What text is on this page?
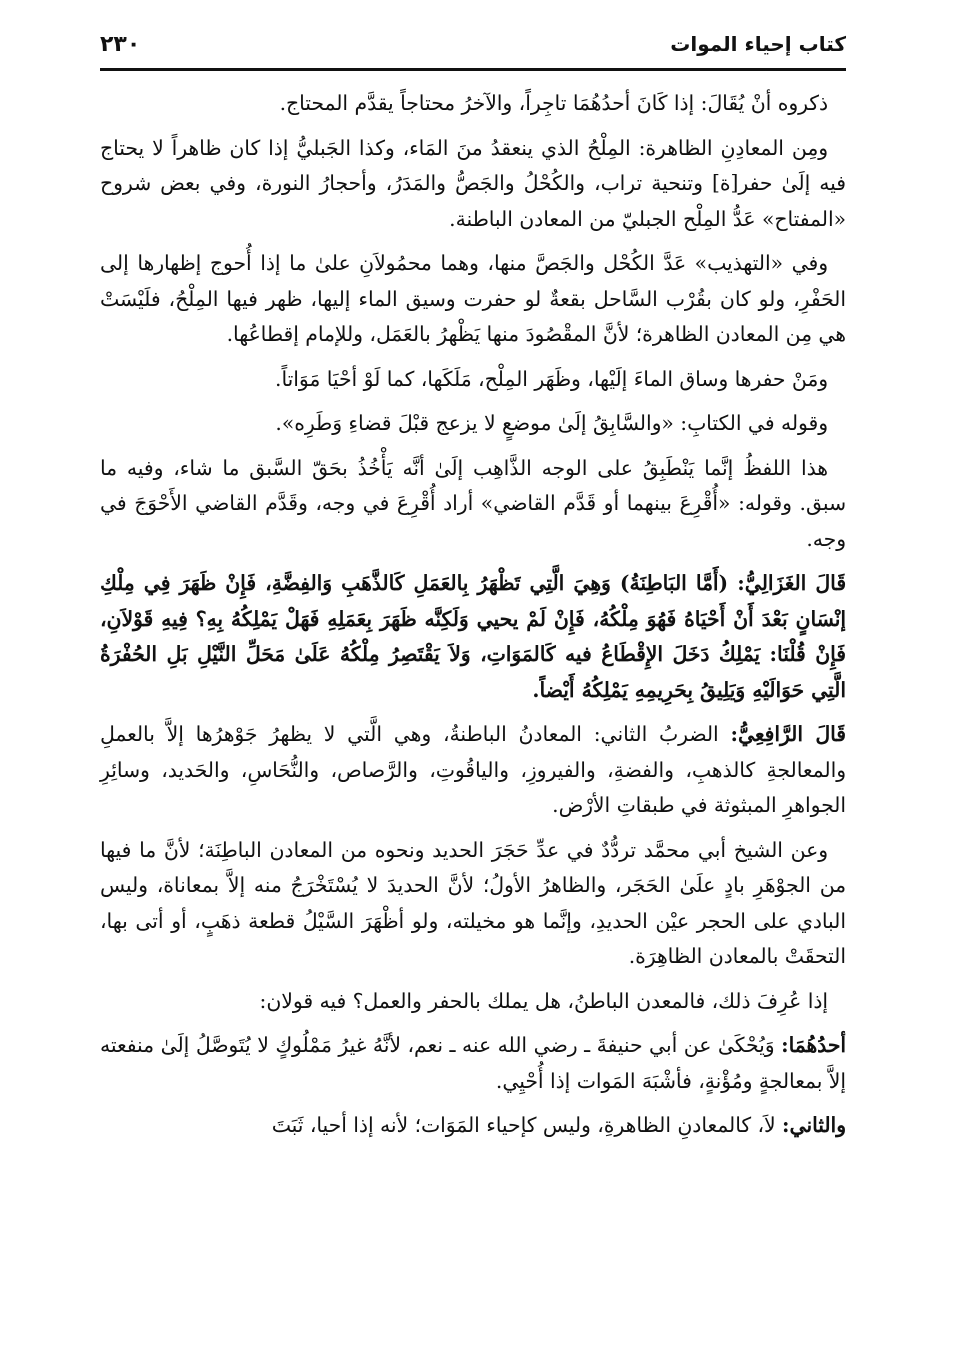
كتاب إحياء الموات
٢٣٠

ذكروه أنْ يُقَالَ: إذا كَانَ أحدُهُمَا تاجِراً، والآخرُ محتاجاً يقدَّم المحتاج.

ومِن المعادِنِ الظاهرة: المِلْحُ الذي ينعقدُ منَ المَاء، وكذا الجَبليُّ إذا كان ظاهراً لا يحتاج فيه إلَىٰ حفر[ة] وتنحية تراب، والكُحْلُ والجَصُّ والمَدَرُ، وأحجارُ النورة، وفي بعض شروح «المفتاح» عَدُّ المِلْح الجبليّ من المعادن الباطنة.

وفي «التهذيب» عَدَّ الكُحْل والجَصَّ منها، وهما محمُولاَنِ علىٰ ما إذا أُحوج إظهارها إلى الحَفْرِ، ولو كان بقُرْب السَّاحل بقعةٌ لو حفرت وسيق الماء إليها، ظهر فيها المِلْحُ، فلَيْسَتْ هي مِن المعادن الظاهرة؛ لأنَّ المقْصُودَ منها يَظْهرُ بالعَمَل، وللإمام إقطاعُها.

ومَنْ حفرها وساق الماءَ إلَيْها، وظَهَر المِلْح، مَلَكَها، كما لَوْ أحْيَا مَوَاتاً.

وقوله في الكتابِ: «والسَّابِقُ إلَىٰ موضعٍ لا يزعج قبْلَ قضاءِ وَطَرِه».

هذا اللفظُ إنَّما يَنْطَبِقُ على الوجه الذَّاهِب إلَىٰ أنَّه يَأْخُذُ بحَقّ السَّبق ما شاء، وفيه ما سبق. وقوله: «أُقْرِعَ بينهما أو قَدَّم القاضي» أراد أُقْرِعَ في وجه، وقَدَّم القاضي الأَحْوَجَ في وجه.

قَالَ الغَزَالِيُّ: (أَمَّا البَاطِنَةُ) وَهِيَ الَّتِي تَظْهَرُ بِالعَمَلِ كَالذَّهَبِ وَالفِضَّةِ، فَإِنْ ظَهَرَ فِي مِلْكِ إنْسَانٍ بَعْدَ أَنْ أَحْيَاهُ فَهُوَ مِلْكُهُ، فَإِنْ لَمْ يحيي وَلَكِنَّه ظَهَرَ بِعَمَلِهِ فَهَلْ يَمْلِكُهُ بِهِ؟ فِيهِ قَوْلاَنِ، فَإِنْ قُلْنَا: يَمْلِكُ دَخَلَ الإِقْطَاعُ فيه كَالمَوَاتِ، وَلاَ يَقْتَصِرُ مِلْكُهُ عَلَىٰ مَحَلِّ النَّيْلِ بَلِ الحُفْرَةُ الَّتِي حَوَالَيْهِ وَيَلِيقُ بِحَرِيمِهِ يَمْلِكُهُ أَيْضاً.

قَالَ الرَّافِعِيُّ: الضربُ الثاني: المعادنُ الباطنةُ، وهي الَّتي لا يظهرُ جَوْهرُها إلاَّ بالعملِ والمعالجةِ كالذهبِ، والفضةِ، والفيروزِ، والياقُوتِ، والرَّصاص، والنُّحَاسِ، والحَديد، وسائِرِ الجواهرِ المبثوثة في طبقاتِ الأرْض.

وعن الشيخ أبي محمَّد تردُّدٌ في عدِّ حَجَرَ الحديد ونحوه من المعادن الباطِنَة؛ لأنَّ ما فيها من الجوْهَرِ بادٍ علَىٰ الحَجَر، والظاهرُ الأولُ؛ لأنَّ الحديدَ لا يُسْتَخْرَجُ منه إلاَّ بمعاناة، وليس البادي على الحجر عيْن الحديدِ، وإنَّما هو مخيلته، ولو أظْهَرَ السَّيْلُ قطعة ذهَبٍ، أو أتى بها، التحقَتْ بالمعادن الظاهِرَة.

إذا عُرِفَ ذلك، فالمعدن الباطنُ، هل يملك بالحفر والعمل؟ فيه قولان:

أحدُهُمَا: وَيُحْكَىٰ عن أبي حنيفةَ ـ رضي الله عنه ـ نعم، لأنَّهُ غيرُ مَمْلُوكٍ لا يُتَوصَّلُ إلَىٰ منفعته إلاَّ بمعالجةٍ ومُؤْنةٍ، فأشْبَهَ المَوات إذا أُحْيِي.

والثاني: لاَ، كالمعادنِ الظاهرةِ، وليس كإحياء المَوَات؛ لأنه إذا أحيا، ثَبَتَ
